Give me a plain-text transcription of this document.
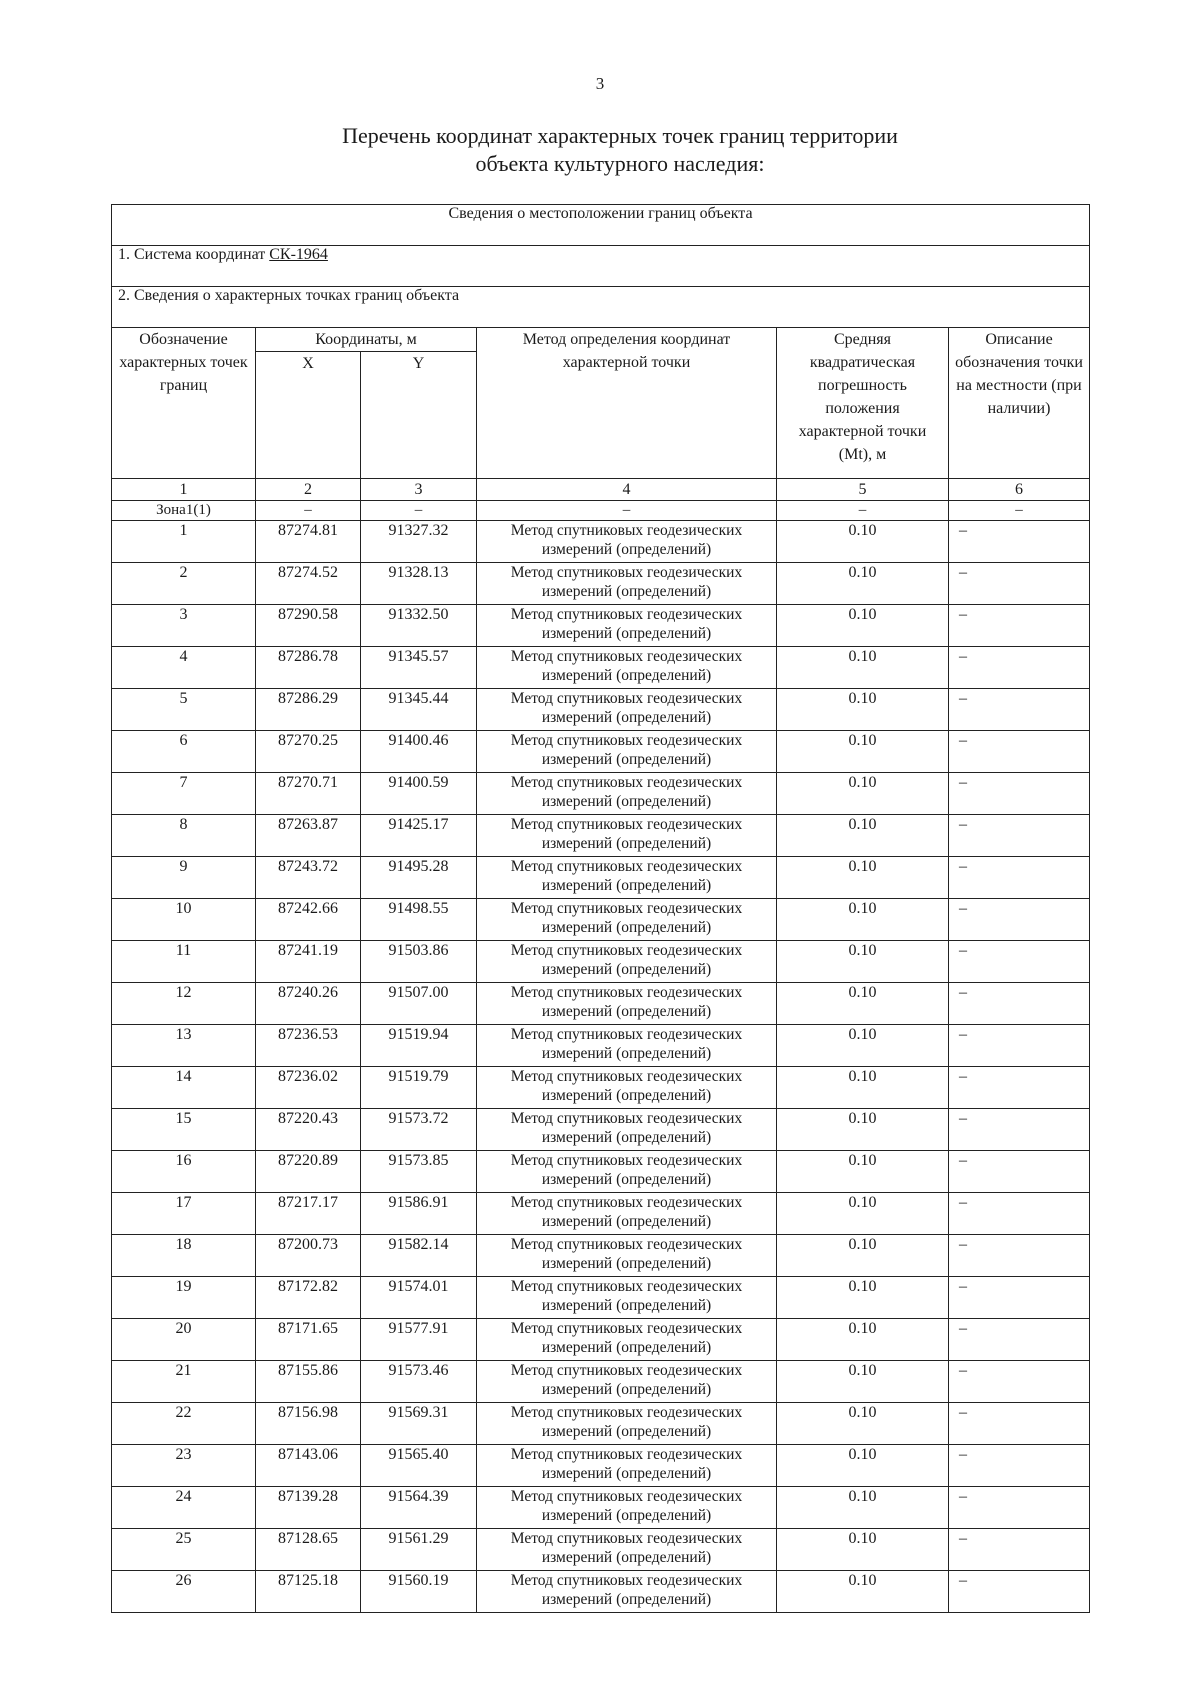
3
Перечень координат характерных точек границ территории
объекта культурного наследия:
Сведения о местоположении границ объекта					
1. Система координат СК-1964					
2. Сведения о характерных точках границ объекта					
Обозначение характерных точек границ	Координаты, м		Метод определения координат характерной точки	Средняя квадратическая погрешность положения характерной точки (Mt), м	Описание обозначения точки на местности (при наличии)
	X	Y			
1	2	3	4	5	6
Зона1(1)	–	–	–	–	–
1	87274.81	91327.32	Метод спутниковых геодезических измерений (определений)	0.10	–
2	87274.52	91328.13	Метод спутниковых геодезических измерений (определений)	0.10	–
3	87290.58	91332.50	Метод спутниковых геодезических измерений (определений)	0.10	–
4	87286.78	91345.57	Метод спутниковых геодезических измерений (определений)	0.10	–
5	87286.29	91345.44	Метод спутниковых геодезических измерений (определений)	0.10	–
6	87270.25	91400.46	Метод спутниковых геодезических измерений (определений)	0.10	–
7	87270.71	91400.59	Метод спутниковых геодезических измерений (определений)	0.10	–
8	87263.87	91425.17	Метод спутниковых геодезических измерений (определений)	0.10	–
9	87243.72	91495.28	Метод спутниковых геодезических измерений (определений)	0.10	–
10	87242.66	91498.55	Метод спутниковых геодезических измерений (определений)	0.10	–
11	87241.19	91503.86	Метод спутниковых геодезических измерений (определений)	0.10	–
12	87240.26	91507.00	Метод спутниковых геодезических измерений (определений)	0.10	–
13	87236.53	91519.94	Метод спутниковых геодезических измерений (определений)	0.10	–
14	87236.02	91519.79	Метод спутниковых геодезических измерений (определений)	0.10	–
15	87220.43	91573.72	Метод спутниковых геодезических измерений (определений)	0.10	–
16	87220.89	91573.85	Метод спутниковых геодезических измерений (определений)	0.10	–
17	87217.17	91586.91	Метод спутниковых геодезических измерений (определений)	0.10	–
18	87200.73	91582.14	Метод спутниковых геодезических измерений (определений)	0.10	–
19	87172.82	91574.01	Метод спутниковых геодезических измерений (определений)	0.10	–
20	87171.65	91577.91	Метод спутниковых геодезических измерений (определений)	0.10	–
21	87155.86	91573.46	Метод спутниковых геодезических измерений (определений)	0.10	–
22	87156.98	91569.31	Метод спутниковых геодезических измерений (определений)	0.10	–
23	87143.06	91565.40	Метод спутниковых геодезических измерений (определений)	0.10	–
24	87139.28	91564.39	Метод спутниковых геодезических измерений (определений)	0.10	–
25	87128.65	91561.29	Метод спутниковых геодезических измерений (определений)	0.10	–
26	87125.18	91560.19	Метод спутниковых геодезических измерений (определений)	0.10	–
